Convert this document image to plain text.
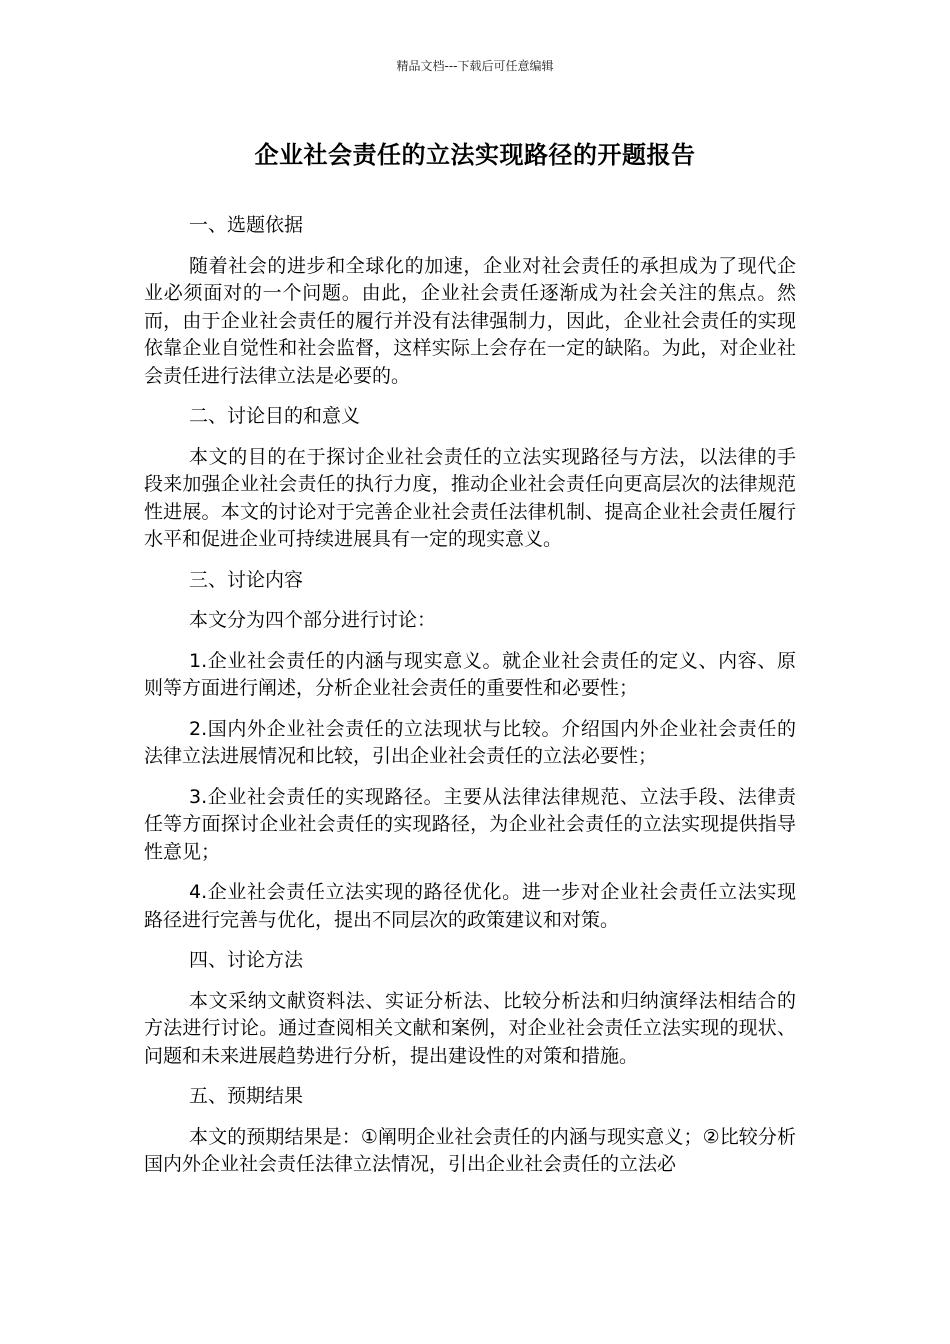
精品文档---下载后可任意编辑
企业社会责任的立法实现路径的开题报告

一、选题依据

随着社会的进步和全球化的加速，企业对社会责任的承担成为了现代企业必须面对的一个问题。由此，企业社会责任逐渐成为社会关注的焦点。然而，由于企业社会责任的履行并没有法律强制力，因此，企业社会责任的实现依靠企业自觉性和社会监督，这样实际上会存在一定的缺陷。为此，对企业社会责任进行法律立法是必要的。

二、讨论目的和意义

本文的目的在于探讨企业社会责任的立法实现路径与方法，以法律的手段来加强企业社会责任的执行力度，推动企业社会责任向更高层次的法律规范性进展。本文的讨论对于完善企业社会责任法律机制、提高企业社会责任履行水平和促进企业可持续进展具有一定的现实意义。

三、讨论内容

本文分为四个部分进行讨论：

1.企业社会责任的内涵与现实意义。就企业社会责任的定义、内容、原则等方面进行阐述，分析企业社会责任的重要性和必要性；

2.国内外企业社会责任的立法现状与比较。介绍国内外企业社会责任的法律立法进展情况和比较，引出企业社会责任的立法必要性；

3.企业社会责任的实现路径。主要从法律法律规范、立法手段、法律责任等方面探讨企业社会责任的实现路径，为企业社会责任的立法实现提供指导性意见；

4.企业社会责任立法实现的路径优化。进一步对企业社会责任立法实现路径进行完善与优化，提出不同层次的政策建议和对策。

四、讨论方法

本文采纳文献资料法、实证分析法、比较分析法和归纳演绎法相结合的方法进行讨论。通过查阅相关文献和案例，对企业社会责任立法实现的现状、问题和未来进展趋势进行分析，提出建设性的对策和措施。

五、预期结果

本文的预期结果是：①阐明企业社会责任的内涵与现实意义；②比较分析国内外企业社会责任法律立法情况，引出企业社会责任的立法必
